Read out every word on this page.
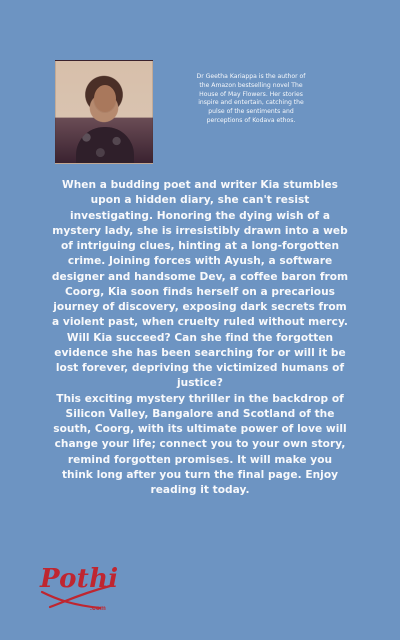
Dr Geetha Kariappa is the author of
the Amazon bestselling novel The
House of May Flowers. Her stories
inspire and entertain, catching the
pulse of the sentiments and
perceptions of Kodava ethos.
When a budding poet and writer Kia stumbles
upon a hidden diary, she can't resist
investigating. Honoring the dying wish of a
mystery lady, she is irresistibly drawn into a web
of intriguing clues, hinting at a long-forgotten
crime. Joining forces with Ayush, a software
designer and handsome Dev, a coffee baron from
Coorg, Kia soon finds herself on a precarious
journey of discovery, exposing dark secrets from
a violent past, when cruelty ruled without mercy.
Will Kia succeed? Can she find the forgotten
evidence she has been searching for or will it be
lost forever, depriving the victimized humans of
justice?
This exciting mystery thriller in the backdrop of
Silicon Valley, Bangalore and Scotland of the
south, Coorg, with its ultimate power of love will
change your life; connect you to your own story,
remind forgotten promises. It will make you
think long after you turn the final page. Enjoy
reading it today.
Pothi
.com
